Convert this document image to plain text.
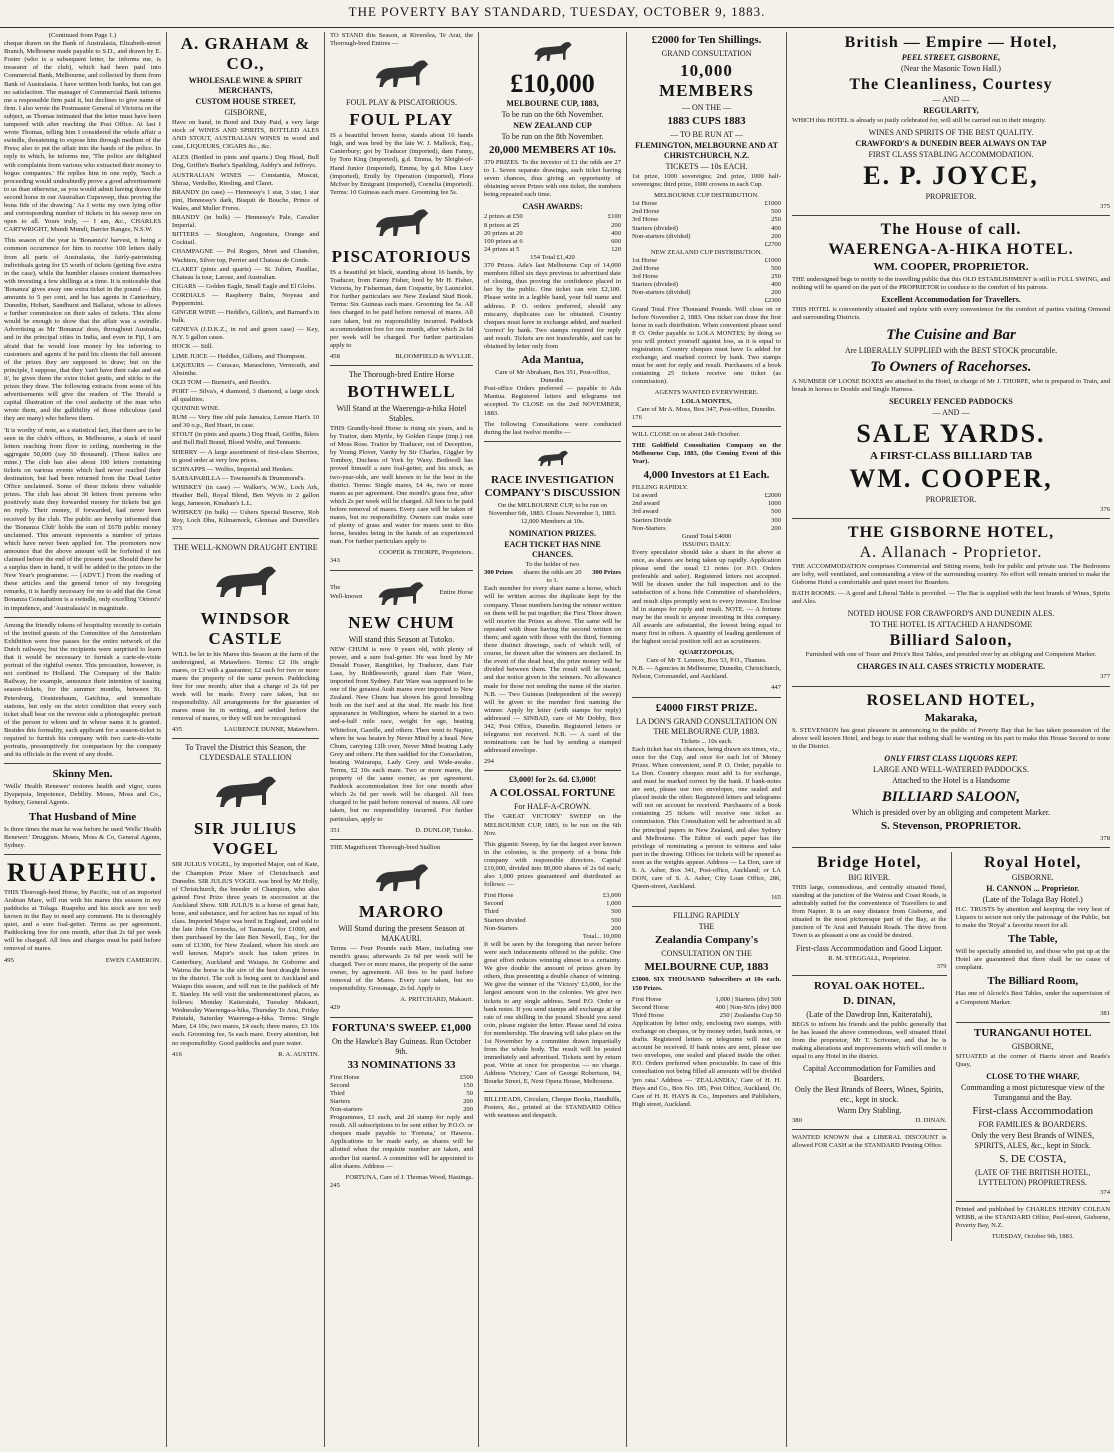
THE POVERTY BAY STANDARD, TUESDAY, OCTOBER 9, 1883.
(Continued from Page 1.)

cheque drawn on the Bank of Australasia, Elizabeth-street Branch, Melbourne made payable to S.D., and drawn by E. Foster (who is a subsequent letter, he informs me, is treasurer of the club), which had been paid into Commercial Bank, Melbourne, and collected by them from Bank of Australasia. I have written both banks, but can get no satisfaction. The manager of Commercial Bank informs me a responsible firm paid it, but declines to give name of firm. I also wrote the Postmaster General of Victoria on the subject, as Thomas intimated that the letter must have been tampered with after reaching the Post Office. At last I wrote Thomas, telling him I considered the whole affair a swindle, threatening to expose him through medium of the Press; also to put the affair into the hands of the police. In reply to which, he informs me, 'The police are delighted with complaints from various who extracted their money to bogus companies.' He replies him in one reply, 'Such a proceeding would undoubtedly prove a good advertisement to us than otherwise, as you would admit having drawn the second horse in our Australian Cupsweep, thus proving the bona fide of the drawing.' As I write my own lying offer and corresponding number of tickets in his sweep now on open to all. Yours truly, — I am, &c., CHARLES CARTWRIGHT, Mundi Mundi, Barrier Ranges, N.S.W.

This season of the year is 'Bonanza's' harvest, it being a common occurrence for him to receive 100 letters daily from all parts of Australasia, the fairly-patronising individuals going for £5 worth of tickets (getting five extra in the case), while the humbler classes content themselves with investing a few shillings at a time. It is noticeable that 'Bonanza' gives away one extra ticket in the pound — this amounts to 5 per cent, and he has agents in Canterbury, Dunedin, Hobart, Sandhurst and Ballarat, whose to allows a further commission on their sales of tickets. This alone would be enough to show that the affair was a swindle. Advertising as Mr 'Bonanza' does, throughout Australia, and in the principal cities in India, and even in Fiji, I am afraid that he would lose money by his inferring to customers and agents if he paid his clients the full amount of the prizes they are supposed to draw; but on the principle, I suppose, that they 'can't have their cake and eat it', he gives them the extra ticket gratis, and sticks to the prizes they draw. The following extracts from some of his advertisements will give the readers of The Herald a capital illustration of the cool audacity of the man who wrote them, and the gullibility of those ridiculous (and they are many) who believe them.

'It is worthy of note, as a statistical fact, that there are to be seen in the club's offices, in Melbourne, a stack of used letters reaching from floor to ceiling, numbering in the aggregate 50,000 (say 50 thousand). (These italics are mine.) The club has also about 100 letters containing tickets on various events which had never reached their destination, but had been returned from the Dead Letter Office unclaimed. Some of these tickets drew valuable prizes. The club has about 30 letters from persons who positively state they forwarded money for tickets but got no reply. Their money, if forwarded, had never been received by the club. The public are hereby informed that the 'Bonanza Club' holds the sum of £678 public money unclaimed. This amount represents a number of prizes which have never been applied for. The promoters now announce that the above amount will be forfeited if not claimed before the end of the present year. Should there be a surplus then in hand, it will be added to the prizes in the New Year's programme. — [ADVT.] From the reading of these articles and the general tenor of my foregoing remarks, it is hardly necessary for me to add that the Great Bonanza Consultation is a swindle, only excelling 'Orient's' in impudence, and 'Australasia's' in magnitude.

Among the friendly tokens of hospitality recently to certain of the invited guests of the Committee of the Amsterdam Exhibition were free passes for the entire network of the Dutch railways; but the recipients were surprised to learn that it would be necessary to furnish a carte-de-visite portrait of the rightful owner. This precaution, however, is not confined to Holland. The Company of the Baltic Railway, for example, announce their intention of issuing season-tickets, for the summer months, between St. Petersburg, Oranienbaum, Gatchina, and immediate stations, but only on the strict condition that every such ticket shall bear on the reverse side a photographic portrait of the person to whom and in whose name it is granted. Besides this formality, each applicant for a season-ticket is required to furnish his company with two carte-de-visite portraits, presumptively for comparison by the company and its officials in the event of any doubt.

Skinny Men.

'Wells' Health Renewer' restores health and vigor, cures Dyspepsia, Impotence, Debility. Moses, Moss and Co., Sydney, General Agents.

That Husband of Mine

Is three times the man he was before he used 'Wells' Health Renewer.' Druggists. Moses, Moss & Co, General Agents, Sydney.

RUAPEHU.

THIS Thorough-bred Horse, by Pacific, out of an imported Arabian Mare, will run with his mares this season in my paddocks at Tolaga. Ruapehu and his stock are too well known in the Bay to need any comment. He is thoroughly quiet, and a sure foal-getter. Terms as per agreement. Paddocking free for one month, after that 2s 6d per week will be charged. All fees and charges must be paid before removal of mares.

495	EWEN CAMERON.
A. GRAHAM & CO.,
WHOLESALE WINE & SPIRIT MERCHANTS,
CUSTOM HOUSE STREET,
GISBORNE,

Have on hand, in Bond and Duty Paid, a very large stock of WINES AND SPIRITS, BOTTLED ALES AND STOUT, AUSTRALIAN WINES in wood and case, LIQUEURS, CIGARS &c., &c.

ALES (Bottled in pints and quarts.) Dog Head, Bull Dog, Griffin's Burke's Sparkling, Ashby's and Jeffreys.

AUSTRALIAN WINES — Constantia, Muscat, Shiraz, Verdelho, Riesling, and Claret.

BRANDY (in case) — Hennessy's 1 star, 3 star, 1 star pint, Hennessy's dark, Bisquit de Bouche, Prince of Wales, and Muller Freres.

BRANDY (in bulk) — Hennessy's Pale, Cavalier Imperial.

BITTERS — Stoughton, Angostura, Orange and Cocktail.

CHAMPAGNE — Pol Rogers, Moet and Chandon, Wachters, Silver top, Perrier and Chateau de Conde.

CLARET (pints and quarts) — St. Julien, Pauillac, Chateau la tour, Larose, and Australian.

CIGARS — Golden Eagle, Small Eagle and El Globo.

CORDIALS — Raspberry Balm, Noyeau and Peppermint.

GINGER WINE — Heddle's, Gillon's, and Barnard's in bulk.

GENEVA (J.D.K.Z., in red and green case) — Key, N.Y. 5 gallon cases.

HOCK — Still.

LIME JUICE — Heddles, Gillons, and Thompson.

LIQUEURS — Curacao, Maraschino, Vermouth, and Absinthe.

OLD TOM — Burnett's, and Booth's.

PORT — Silva's, 4 diamond, 3 diamond, a large stock all qualities.

QUININE WINE.

RUM — Very fine old pale Jamaica, Lemon Hart's 10 and 30 o.p., Red Heart, in case.

STOUT (in pints and quarts.) Dog Head, Griffin, Ihlers and Bell Bull Brand, Blood Wolfe, and Tennants.

SHERRY — A large assortment of first-class Sherries, in good order at very low prices.

SCHNAPPS — Wolfes, Imperial and Henkes.

SARSAPARILLA — Townsend's & Drummond's.

WHISKEY (in case) — Walker's, W.W., Loch Ark, Heather Bell, Royal Blend, Ben Wyvis in 2 gallon kegs, Jameson, Kinahan's L.L.

WHISKEY (in bulk) — Ushers Special Reserve, Rob Roy, Loch Dhu, Kilmarnock, Glenisas and Dunville's 373

THE WELL-KNOWN DRAUGHT ENTIRE
WINDSOR CASTLE

WILL be let to his Mares this Season at the farm of the undersigned, at Matawhero. Terms: £2 10s single mares, or £3 with a guarantee; £2 each for two or more mares the property of the same person. Paddocking free for one month; after that a charge of 2s 6d per week will be made. Every care taken, but no responsibility. All arrangements for the guarantee of mares must be in writing, and settled before the removal of mares, or they will not be recognised.

435	LAURENCE DUNNE, Matawhero.
To Travel the District this Season, the CLYDESDALE STALLION
SIR JULIUS VOGEL

SIR JULIUS VOGEL, by imported Major, out of Kate, the Champion Prize Mare of Christchurch and Dunedin. SIR JULIUS VOGEL was bred by Mr Holly, of Christchurch, the breeder of Champion, who also gained First Prize three years in succession at the Auckland Show. SIR JULIUS is a horse of great hair, bone, and substance, and for action has no equal of his class. Imported Major was bred in England, and sold to the late John Cornocks, of Tasmania, for £1000, and then purchased by the late Ben Newell, Esq., for the sum of £1300, for New Zealand, where his stock are well known. Major's stock has taken prizes in Canterbury, Auckland and Waiapu. In Gisborne and Wairoa the horse is the sire of the best draught horses in the district. The colt is being sent to Auckland and Waiapu this season, and will run in the paddock of Mr E. Stanley. He will visit the undermentioned places, as follows: Monday Kaiteratahi, Tuesday Makauri, Wednesday Waerenga-a-hika, Thursday Te Arai, Friday Patutahi, Saturday Waerenga-a-hika. Terms: Single Mare, £4 10s; two mares, £4 each; three mares, £3 10s each. Grooming fee, 5s each mare. Every attention, but no responsibility. Good paddocks and pure water.

416	R. A. AUSTIN.

TO STAND this Season, at Riverslea, Te Arai, the Thorough-bred Entires —

FOUL PLAY & PISCATORIOUS.
FOUL PLAY

IS a beautiful brown horse, stands about 16 hands high, and was bred by the late W. J. Mallock, Esq., Canterbury; got by Traducer (imported), dam Fanny, by Tom King (imported), g.d. Emma, by Sleight-of-Hand Junior (imported), Emma, by g.d. Miss Lucy (imported), Emily by Operation (imported), Flora McIver by Emigrant (imported), Cornelia (imported). Terms: 10 Guineas each mare. Grooming fee 5s.

PISCATORIOUS

IS a beautiful jet black, standing about 16 hands, by Traducer, from Fanny Fisher, bred by Mr H. Fisher, Victoria, by Fisherman, dam Coquette, by Launcelot. For further particulars see New Zealand Stud Book. Terms: Six Guineas each mare. Grooming fee 5s. All fees charged to be paid before removal of mares. All care taken, but no responsibility incurred. Paddock accommodation free for one month, after which 2s 6d per week will be charged. For further particulars apply to

458	BLOOMFIELD & WYLLIE.
The Thorough-bred Entire Horse
BOTHWELL
Will Stand at the Waerenga-a-hika Hotel Stables.

THIS Grandly-bred Horse is rising six years, and is by Traitor, dam Myrtle, by Golden Grape (imp.) out of Moss Rose. Traitor by Traducer, out of Deception, by Young Plover, Vanity by Sir Charles, Giggler by Tomboy, Duchess of York by Waxy. Bothwell has proved himself a sure foal-getter, and his stock, as two-year-olds, are well known to be the best in the district. Terms: Single mares, £4 4s, two or more mares as per agreement. One month's grass free, after which 2s per week will be charged. All fees to be paid before removal of mares. Every care will be taken of mares, but no responsibility. Owners can make sure of plenty of grass and water for mares sent to this horse, besides being in the hands of an experienced man. For further particulars apply to

COOPER & THORPE, Proprietors.
343
The
Well-known
Entire Horse
NEW CHUM
Will stand this Season at Tutoko.

NEW CHUM is now 9 years old, with plenty of power, and a sure foal-getter. He was bred by Mr Donald Fraser, Rangitikei, by Traducer, dam Fair Lass, by Riddlesworth, grand dam Fair Ware, imported from Sydney. Fair Ware was supposed to be one of the greatest Arab mares ever imported to New Zealand. New Chum has shown his good breeding both on the turf and at the stud. He made his first appearance in Wellington, where he started in a two and-a-half mile race, weight for age, beating Whitefoot, Gazelle, and others. Then went to Napier, where he was beaten by Never Mind by a head. New Chum, carrying 12lb over, Never Mind beating Lady Grey and others. He then saddled for the Consolation, beating Wairarapa, Lady Grey and Wide-awake. Terms, £2 10s each mare. Two or more mares, the property of the same owner, as per agreement. Paddock accommodation free for one month after which 2s 6d per week will be charged. All fees charged to be paid before removal of mares. All care taken, but no responsibility incurred. For further particulars, apply to

351	D. DUNLOP, Tutoko.

THE Magnificent Thorough-bred Stallion

MARORO
Will Stand during the present Season at MAKAURI.

Terms — Four Pounds each Mare, including one month's grass; afterwards 2s 6d per week will be charged. Two or more mares, the property of the same owner, by agreement. All fees to be paid before removal of the Mares. Every care taken, but no responsibility. Groomage, 2s 6d. Apply to

A. PRITCHARD, Makauri.
429
FORTUNA'S SWEEP. £1,000
On the Hawke's Bay Guineas. Run October 9th.
33 NOMINATIONS 33
First Horse	£500
Second	150
Third	50
Starters	200
Non-starters	200

Programmes, £1 each, and 2d stamp for reply and result. All subscriptions to be sent either by P.O.O. or cheques made payable to 'Fortuna,' or Hawera. Applications to be made early, as shares will be allotted when the requisite number are taken, and another list started. A committee will be appointed to allot shares. Address —

FORTUNA, Care of J. Thomas Wood, Hastings.
245
£10,000
MELBOURNE CUP, 1883,
To be run on the 6th November.
NEW ZEALAND CUP
To be run on the 8th November.
20,000 MEMBERS AT 10s.

370 PRIZES. To the investor of £1 the odds are 27 to 1. Seven separate drawings, each ticket having seven chances, thus giving an opportunity of obtaining seven Prizes with one ticket, the numbers being repeated each time.

CASH AWARDS:
2 prizes at £50	£100
8 prizes at 25	200
20 prizes at 20	400
100 prizes at 6	600
24 prizes at 5	120
154 Total £1,420

370 Prizes. Ada's last Melbourne Cup of 14,000 members filled six days previous to advertised date of closing, thus proving the confidence placed in her by the public. One ticket can win £2,100. Please write in a legible hand, your full name and address. P. O. orders preferred, should any miscarry, duplicates can be obtained. Country cheques must have in exchange added, and marked 'correct' by bank. Two stamps required for reply and result. Tickets are not transferable, and can be obtained by letter only from

Ada Mantua,
Care of Mr Abraham, Box 351, Post-office, Dunedin.

Post-office Orders preferred — payable to Ada Mantua. Registered letters and telegrams not accepted. To CLOSE on the 2nd NOVEMBER, 1883.

The following Consultations were conducted during the last twelve months —

RACE INVESTIGATION COMPANY'S DISCUSSION

On the MELBOURNE CUP, to be run on November 6th, 1883. Closes November 3, 1883. 12,000 Members at 10s.

NOMINATION PRIZES.
EACH TICKET HAS NINE CHANCES.
300 Prizes
To the holder of two shares the odds are 20 to 1.
300 Prizes

Each member for every share name a horse, which will be written across the duplicate kept by the company. Those numbers having the winner written on them will be put together; the First Three drawn will receive the Prizes as above. The same will be repeated with those having the second written on them; and again with those with the third, forming three distinct drawings, each of which will, of course, be drawn after the winners are declared. In the event of the dead heat, the prize money will be divided between them. The result will be issued, and due notice given to the winners. No allowance made for those not sending the name of the starter. N.B. — Two Guineas (independent of the sweep) will be given to the member first naming the winner. Apply by letter (with stamps for reply) addressed — SINBAD, care of Mr Dobby, Box 342, Post Office, Dunedin. Registered letters or telegrams not received. N.B. — A card of the nominations can be had by sending a stamped addressed envelope.

294
£3,000! for 2s. 6d. £3,000!
A COLOSSAL FORTUNE
For HALF-A-CROWN.

The 'GREAT VICTORY' SWEEP on the MELBOURNE CUP, 1883, to be run on the 6th Nov.

This gigantic Sweep, by far the largest ever known in the colonies, is the property of a bona fide company with responsible directors. Capital £10,000, divided into 80,000 shares of 2s 6d each; also 1,000 prizes guaranteed and distributed as follows: —

First Horse	£3,000
Second	1,000
Third	500
Starters divided	500
Non-Starters	200
Total... 10,000

It will be seen by the foregoing that never before were such inducements offered to the public. One great effort reduces winning almost to a certainty. We give double the amount of prizes given by others, thus presenting a double chance of winning. We give the winner of the 'Victory' £3,000, for the largest amount won in the colonies. We give two tickets to any single address. Send P.O. Order or bank notes. If you send stamps add exchange at the rate of one shilling in the pound. Should you send coin, please register the letter. Please send 3d extra for membership. The drawing will take place on the 1st November by a committee drawn impartially from the whole body. The result will be posted immediately and advertised. Tickets sent by return post. Write at once for prospectus — no charge. Address 'Victory,' Care of George Robertson, 94, Bourke Street, E, Next Opera House, Melbourne.

BILLHEADS, Circulars, Cheque Books, Handbills, Posters, &c., printed at the STANDARD Office with neatness and despatch.

£2000 for Ten Shillings.
GRAND CONSULTATION
10,000 MEMBERS
— ON THE —
1883 CUPS 1883
— TO BE RUN AT —
FLEMINGTON, MELBOURNE AND AT CHRISTCHURCH, N.Z.
TICKETS — 10s EACH.

1st prize, 1000 sovereigns; 2nd prize, 1000 half-sovereigns; third prize, 1000 crowns in each Cup.

MELBOURNE CUP DISTRIBUTION.
1st Horse	£1000
2nd Horse	500
3rd Horse	250
Starters (divided)	400
Non-starters (divided)	200
£2700
NEW ZEALAND CUP DISTRIBUTION.
1st Horse	£1000
2nd Horse	500
3rd Horse	250
Starters (divided)	400
Non-starters (divided)	200
£2300

Grand Total Five Thousand Pounds. Will close on or before November 2, 1883. One ticket can draw the first horse in each distribution. When convenient please send P. O. Order payable to LOLA MONTES; by doing so you will protect yourself against loss, as it is equal to registration. Country cheques must have 1s added for exchange, and marked correct by bank. Two stamps must be sent for reply and result. Purchasers of a book containing 25 tickets receive one ticket (as commission).

AGENTS WANTED EVERYWHERE.
LOLA MONTES,
Care of Mr A. Moss, Box 347, Post-office, Dunedin.
176

WILL CLOSE on or about 24th October.

THE Goldfield Consultation Company on the Melbourne Cup, 1883, (the Coming Event of this Year).

4,000 Investors at £1 Each.
FILLING RAPIDLY.
1st award	£2000
2nd award	1000
3rd award	500
Starters Divide	300
Non-Starters	200
Grand Total £4000
ISSUING DAILY.

Every speculator should take a share in the above at once, as shares are being taken up rapidly. Application please send the usual £1 notes (or P.O. Orders preferable and safer). Registered letters not accepted. Will be drawn under the full inspection and to the satisfaction of a bona fide Committee of shareholders, and result slips promptly sent to every investor. Enclose 3d in stamps for reply and result. NOTE. — A fortune may be the result to anyone investing in this company. All awards are substantial, the lowest being equal to many first in others. A quantity of leading gentlemen of the highest social position will act as scrutineers.

QUARTZOPOLIS,
Care of Mr T. Lennox, Box 53, P.O., Thames.

N.B. — Agencies in Melbourne, Dunedin, Christchurch, Nelson, Coromandel, and Auckland.

447
£4000 FIRST PRIZE.
LA DON'S GRAND CONSULTATION ON THE MELBOURNE CUP, 1883.
Tickets ... 10s each.

Each ticket has six chances, being drawn six times, viz., once for the Cup, and once for each lot of Money Prizes. When convenient, send P. O. Order, payable to La Don. Country cheques must add 1s for exchange, and must be marked correct by the bank. If bank-notes are sent, please use two envelopes, one sealed and placed inside the other. Registered letters and telegrams will not on account be received. Purchasers of a book containing 25 tickets will receive one ticket as commission. This Consultation will be advertised in all the principal papers in New Zealand, and also Sydney and Melbourne. The Editor of each paper has the privilege of nominating a person to witness and take part in the drawing. Offices for tickets will be opened as soon as the weights appear. Address — La Don, care of S. A. Asher, Box 341, Post-office, Auckland; or LA DON, care of S. A. Asher, City Loan Office, 286, Queen-street, Auckland.

165
FILLING RAPIDLY
THE
Zealandia Company's
CONSULTATION ON THE
MELBOURNE CUP, 1883

£3000. SIX THOUSAND Subscribers at 10s each. 150 Prizes.

First Horse	1,000 | Starters (div) 500
Second Horse	400 | Non-St'rs (div) 800
Third Horse	250 | Zealandia Cup 50

Application by letter only, enclosing two stamps, with exchange on cheques, or by money order, bank notes, or drafts. Registered letters or telegrams will not on account be received. If bank notes are sent, please use two envelopes, one sealed and placed inside the other. P.O. Orders preferred when procurable. In case of this consultation not being filled all amounts will be divided 'pro rata.' Address — 'ZEALANDIA,' Care of H. H. Hays and Co., Box No. 185, Post Office, Auckland, Or, Care of H. H. HAYS & Co., Importers and Publishers, High street, Auckland.

British — Empire — Hotel,
PEEL STREET, GISBORNE,
(Near the Masonic Town Hall.)
The Cleanliness, Courtesy
— AND —
REGULARITY,

WHICH this HOTEL is already so justly celebrated for, will still be carried out in their integrity.

WINES AND SPIRITS OF THE BEST QUALITY.
CRAWFORD'S & DUNEDIN BEER ALWAYS ON TAP
FIRST CLASS STABLING ACCOMMODATION.
E. P. JOYCE,
PROPRIETOR.
375
The House of call.
WAERENGA-A-HIKA HOTEL.
WM. COOPER, PROPRIETOR.

THE undersigned begs to notify to the travelling public that this OLD ESTABLISHMENT is still in FULL SWING, and nothing will be spared on the part of the PROPRIETOR to conduce to the comfort of his patrons.

Excellent Accommodation for Travellers.

THIS HOTEL is conveniently situated and replete with every convenience for the comfort of parties visiting Ormond and surrounding Districts.

The Cuisine and Bar
Are LIBERALLY SUPPLIED with the BEST STOCK procurable.
To Owners of Racehorses.

A NUMBER OF LOOSE BOXES are attached to the Hotel, in charge of Mr J. THORPE, who is prepared to Train, and break in horses to Double and Single Harness.

SECURELY FENCED PADDOCKS
— AND —
SALE YARDS.
A FIRST-CLASS BILLIARD TAB
WM. COOPER,
PROPRIETOR.
376
THE GISBORNE HOTEL,
A. Allanach - Proprietor.

THE ACCOMMODATION comprises Commercial and Sitting rooms, both for public and private use. The Bedrooms are lofty, well ventilated, and commanding a view of the surrounding country. No effort will remain untried to make the Gisborne Hotel a comfortable and quiet resort for Boarders.

BATH ROOMS. — A good and Liberal Table is provided. — The Bar is supplied with the best brands of Wines, Spirits and Ales.

NOTED HOUSE FOR CRAWFORD'S AND DUNEDIN ALES.
TO THE HOTEL IS ATTACHED A HANDSOME
Billiard Saloon,

Furnished with one of Tozer and Price's Best Tables, and presided over by an obliging and Competent Marker.

CHARGES IN ALL CASES STRICTLY MODERATE.
377
ROSELAND HOTEL,
Makaraka,

S. STEVENSON has great pleasure in announcing to the public of Poverty Bay that he has taken possession of the above well known Hotel, and begs to state that nothing shall be wanting on his part to make this House Second to none in the District.

ONLY FIRST CLASS LIQUORS KEPT.
LARGE AND WELL-WATERED PADDOCKS.
Attached to the Hotel is a Handsome
BILLIARD SALOON,
Which is presided over by an obliging and competent Marker.
S. Stevenson, PROPRIETOR.
378
Bridge Hotel,
BIG RIVER.

THIS large, commodious, and centrally situated Hotel, standing at the junction of the Wairoa and Coast Roads, is admirably suited for the convenience of Travellers to and from Napier. It is an easy distance from Gisborne, and situated in the most picturesque part of the Bay, at the junction of Te Arai and Patutahi Roads. The drive from Town is as pleasant a one as could be desired.

First-class Accommodation and Good Liquor.
R. M. STEGGALL, Proprietor.
379
ROYAL OAK HOTEL.
D. DINAN,
(Late of the Dawdrop Inn, Kaiteratahi),

BEGS to inform his friends and the public generally that he has leased the above commodious, well situated Hotel from the proprietor, Mr T. Scrivener, and that he is making alterations and improvements which will render it equal to any Hotel in the district.

Capital Accommodation for Families and Boarders.
Only the Best Brands of Beers, Wines, Spirits, etc., kept in stock.
Warm Dry Stabling.
380	D. DINAN.

WANTED KNOWN that a LIBERAL DISCOUNT is allowed FOR CASH at the STANDARD Printing Office.

Royal Hotel,
GISBORNE.
H. CANNON ... Proprietor.
(Late of the Tolaga Bay Hotel.)

H.C. TRUSTS by attention and keeping the very best of Liquors to secure not only the patronage of the Public, but to make the 'Royal' a favorite resort for all.

The Table,

Will be specially attended to, and those who put up at the Hotel are guaranteed that there shall be no cause of complaint.

The Billiard Room,

Has one of Alcock's Best Tables, under the supervision of a Competent Marker.

381
TURANGANUI HOTEL
GISBORNE,

SITUATED at the corner of Harris street and Reads's Quay,

CLOSE TO THE WHARF,
Commanding a most picturesque view of the Turanganui and the Bay.
First-class Accommodation
FOR FAMILIES & BOARDERS.
Only the very Best Brands of WINES, SPIRITS, ALES, &c., kept in Stock.
S. DE COSTA,
(LATE OF THE BRITISH HOTEL, LYTTELTON) PROPRIETRESS.
374

Printed and published by CHARLES HENRY COLEAN WEBB, at the STANDARD Office, Peel-street, Gisborne, Poverty Bay, N.Z.

TUESDAY, October 9th, 1883.
